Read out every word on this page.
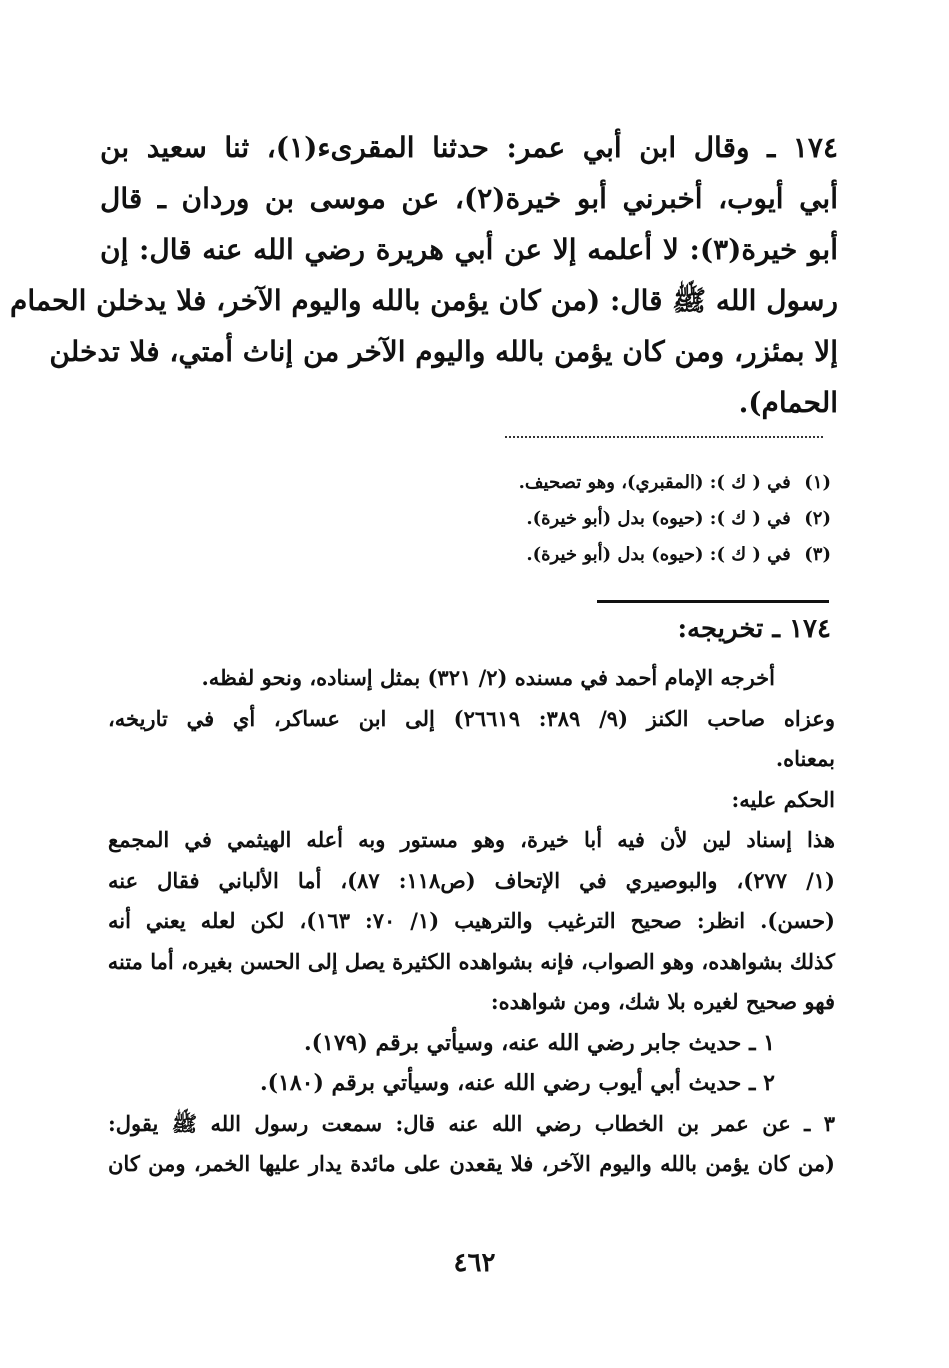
١٧٤ ـ وقال ابن أبي عمر: حدثنا المقرىء(١)، ثنا سعيد بن
أبي أيوب، أخبرني أبو خيرة(٢)، عن موسى بن وردان ـ قال
أبو خيرة(٣): لا أعلمه إلا عن أبي هريرة رضي الله عنه قال: إن
رسول الله ﷺ قال: (من كان يؤمن بالله واليوم الآخر، فلا يدخلن الحمام
إلا بمئزر، ومن كان يؤمن بالله واليوم الآخر من إناث أمتي، فلا تدخلن
الحمام).
(١) في ( ك ): (المقبري)، وهو تصحيف.
(٢) في ( ك ): (حيوه) بدل (أبو خيرة).
(٣) في ( ك ): (حيوه) بدل (أبو خيرة).
١٧٤ ـ تخريجه:
أخرجه الإمام أحمد في مسنده (٢/ ٣٢١) بمثل إسناده، ونحو لفظه.
وعزاه صاحب الكنز (٩/ ٣٨٩: ٢٦٦١٩) إلى ابن عساكر، أي في تاريخه،
بمعناه.
الحكم عليه:
هذا إسناد لين لأن فيه أبا خيرة، وهو مستور وبه أعله الهيثمي في المجمع
(١/ ٢٧٧)، والبوصيري في الإتحاف (ص١١٨: ٨٧)، أما الألباني فقال عنه
(حسن). انظر: صحيح الترغيب والترهيب (١/ ٧٠: ١٦٣)، لكن لعله يعني أنه
كذلك بشواهده، وهو الصواب، فإنه بشواهده الكثيرة يصل إلى الحسن بغيره، أما متنه
فهو صحيح لغيره بلا شك، ومن شواهده:
١ ـ حديث جابر رضي الله عنه، وسيأتي برقم (١٧٩).
٢ ـ حديث أبي أيوب رضي الله عنه، وسيأتي برقم (١٨٠).
٣ ـ عن عمر بن الخطاب رضي الله عنه قال: سمعت رسول الله ﷺ يقول:
(من كان يؤمن بالله واليوم الآخر، فلا يقعدن على مائدة يدار عليها الخمر، ومن كان
٤٦٢
